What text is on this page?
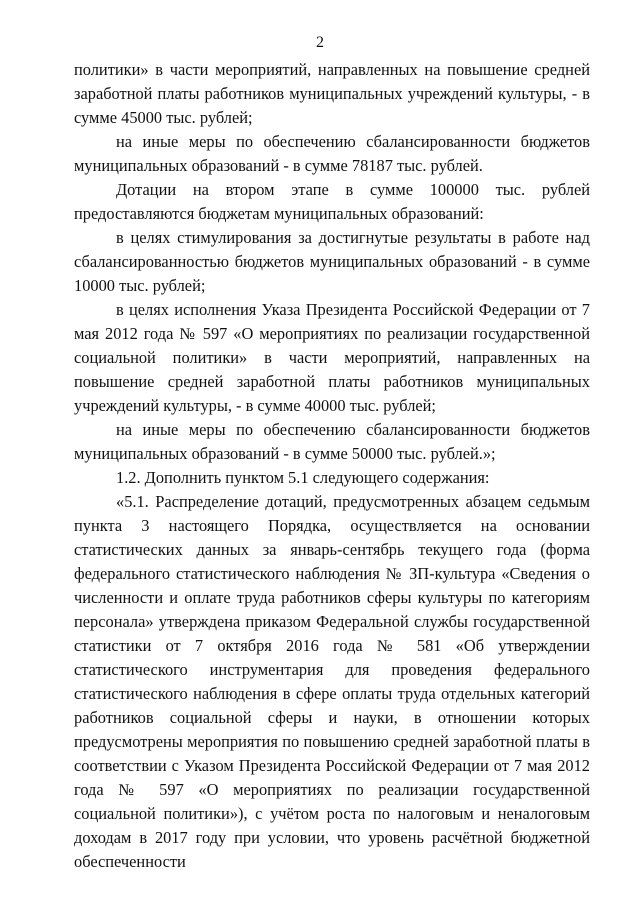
2

политики» в части мероприятий, направленных на повышение средней заработной платы работников муниципальных учреждений культуры, - в сумме 45000 тыс. рублей;

на иные меры по обеспечению сбалансированности бюджетов муниципальных образований - в сумме 78187 тыс. рублей.

Дотации на втором этапе в сумме 100000 тыс. рублей предоставляются бюджетам муниципальных образований:

в целях стимулирования за достигнутые результаты в работе над сбалансированностью бюджетов муниципальных образований - в сумме 10000 тыс. рублей;

в целях исполнения Указа Президента Российской Федерации от 7 мая 2012 года № 597 «О мероприятиях по реализации государственной социальной политики» в части мероприятий, направленных на повышение средней заработной платы работников муниципальных учреждений культуры, - в сумме 40000 тыс. рублей;

на иные меры по обеспечению сбалансированности бюджетов муниципальных образований - в сумме 50000 тыс. рублей.»;

1.2. Дополнить пунктом 5.1 следующего содержания:

«5.1. Распределение дотаций, предусмотренных абзацем седьмым пункта 3 настоящего Порядка, осуществляется на основании статистических данных за январь-сентябрь текущего года (форма федерального статистического наблюдения № ЗП-культура «Сведения о численности и оплате труда работников сферы культуры по категориям персонала» утверждена приказом Федеральной службы государственной статистики от 7 октября 2016 года № 581 «Об утверждении статистического инструментария для проведения федерального статистического наблюдения в сфере оплаты труда отдельных категорий работников социальной сферы и науки, в отношении которых предусмотрены мероприятия по повышению средней заработной платы в соответствии с Указом Президента Российской Федерации от 7 мая 2012 года № 597 «О мероприятиях по реализации государственной социальной политики»), с учётом роста по налоговым и неналоговым доходам в 2017 году при условии, что уровень расчётной бюджетной обеспеченности
